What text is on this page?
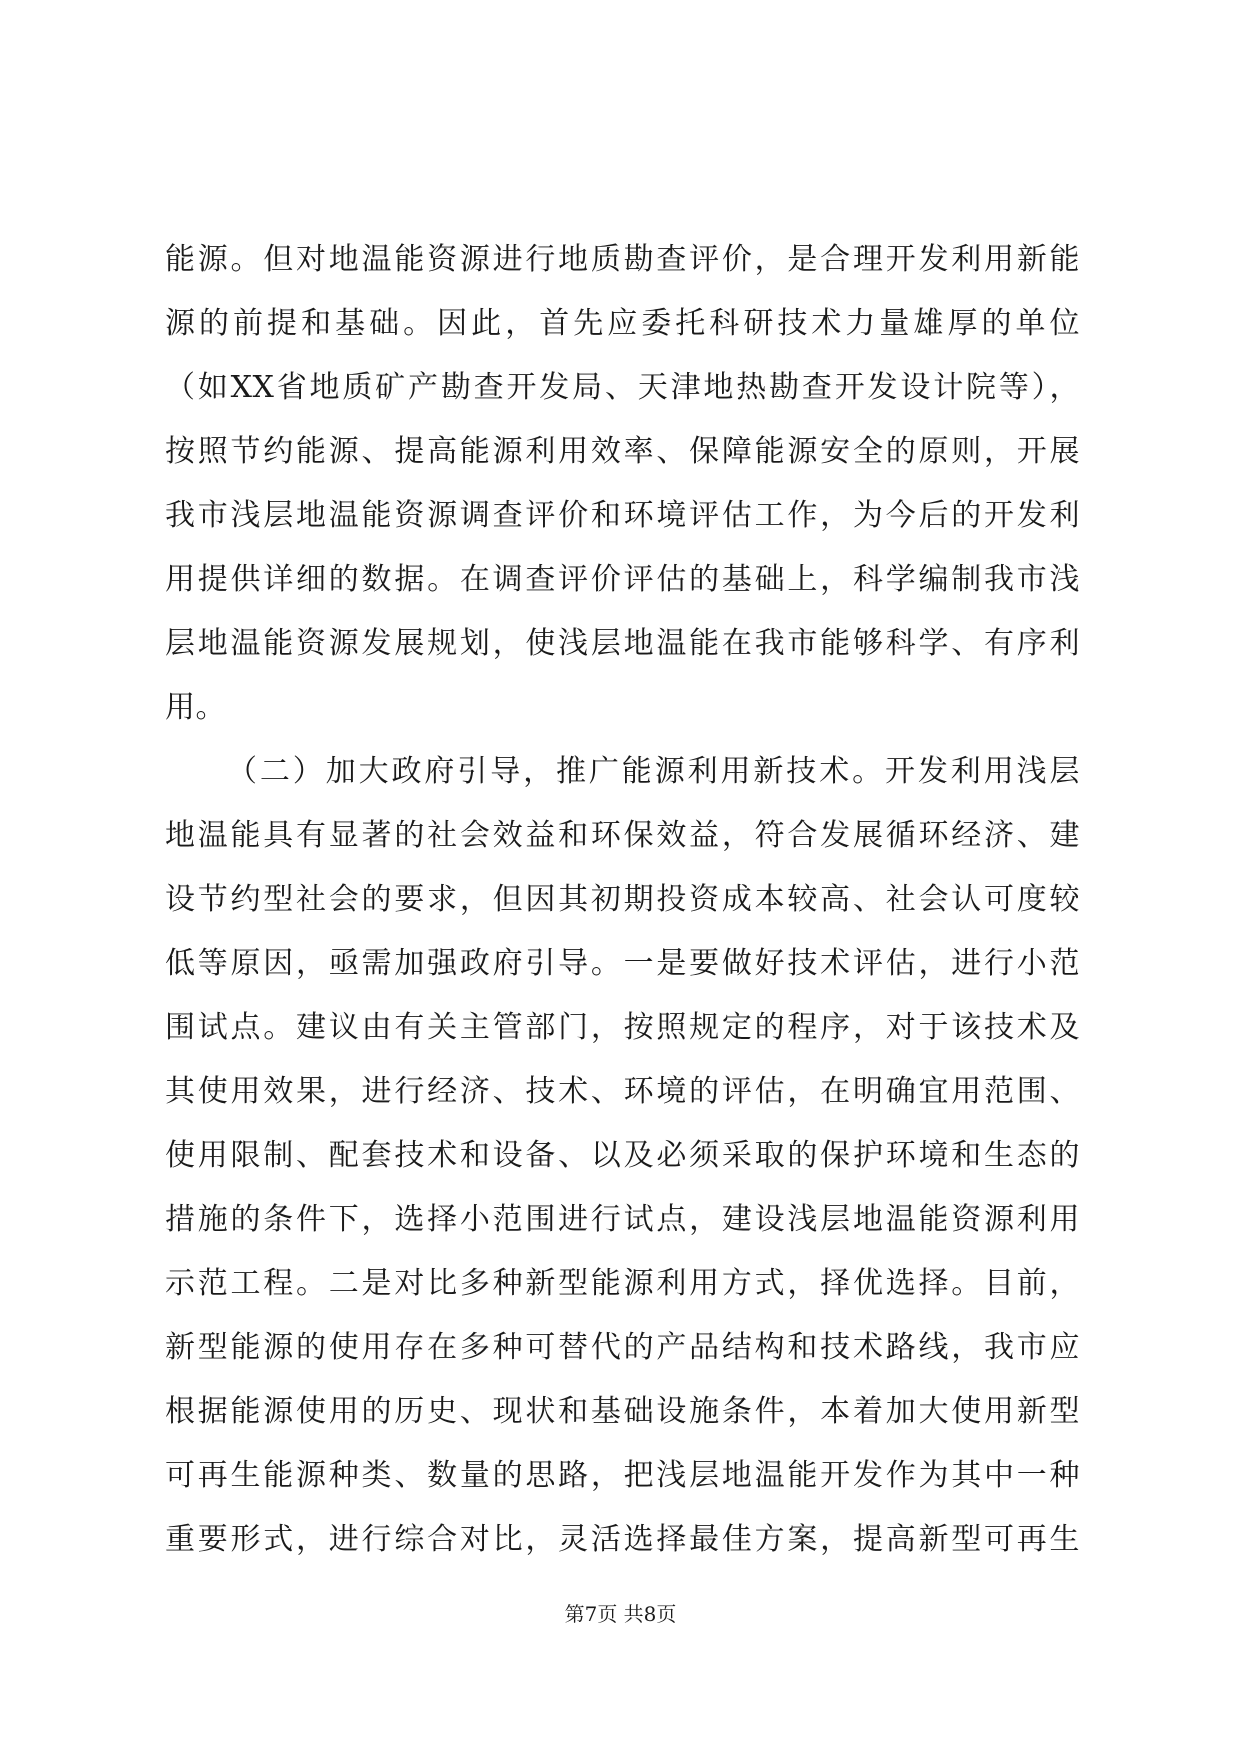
能源。但对地温能资源进行地质勘查评价，是合理开发利用新能
源的前提和基础。因此，首先应委托科研技术力量雄厚的单位
（如XX省地质矿产勘查开发局、天津地热勘查开发设计院等），
按照节约能源、提高能源利用效率、保障能源安全的原则，开展
我市浅层地温能资源调查评价和环境评估工作，为今后的开发利
用提供详细的数据。在调查评价评估的基础上，科学编制我市浅
层地温能资源发展规划，使浅层地温能在我市能够科学、有序利
用。
（二）加大政府引导，推广能源利用新技术。开发利用浅层
地温能具有显著的社会效益和环保效益，符合发展循环经济、建
设节约型社会的要求，但因其初期投资成本较高、社会认可度较
低等原因，亟需加强政府引导。一是要做好技术评估，进行小范
围试点。建议由有关主管部门，按照规定的程序，对于该技术及
其使用效果，进行经济、技术、环境的评估，在明确宜用范围、
使用限制、配套技术和设备、以及必须采取的保护环境和生态的
措施的条件下，选择小范围进行试点，建设浅层地温能资源利用
示范工程。二是对比多种新型能源利用方式，择优选择。目前，
新型能源的使用存在多种可替代的产品结构和技术路线，我市应
根据能源使用的历史、现状和基础设施条件，本着加大使用新型
可再生能源种类、数量的思路，把浅层地温能开发作为其中一种
重要形式，进行综合对比，灵活选择最佳方案，提高新型可再生
第7页 共8页
